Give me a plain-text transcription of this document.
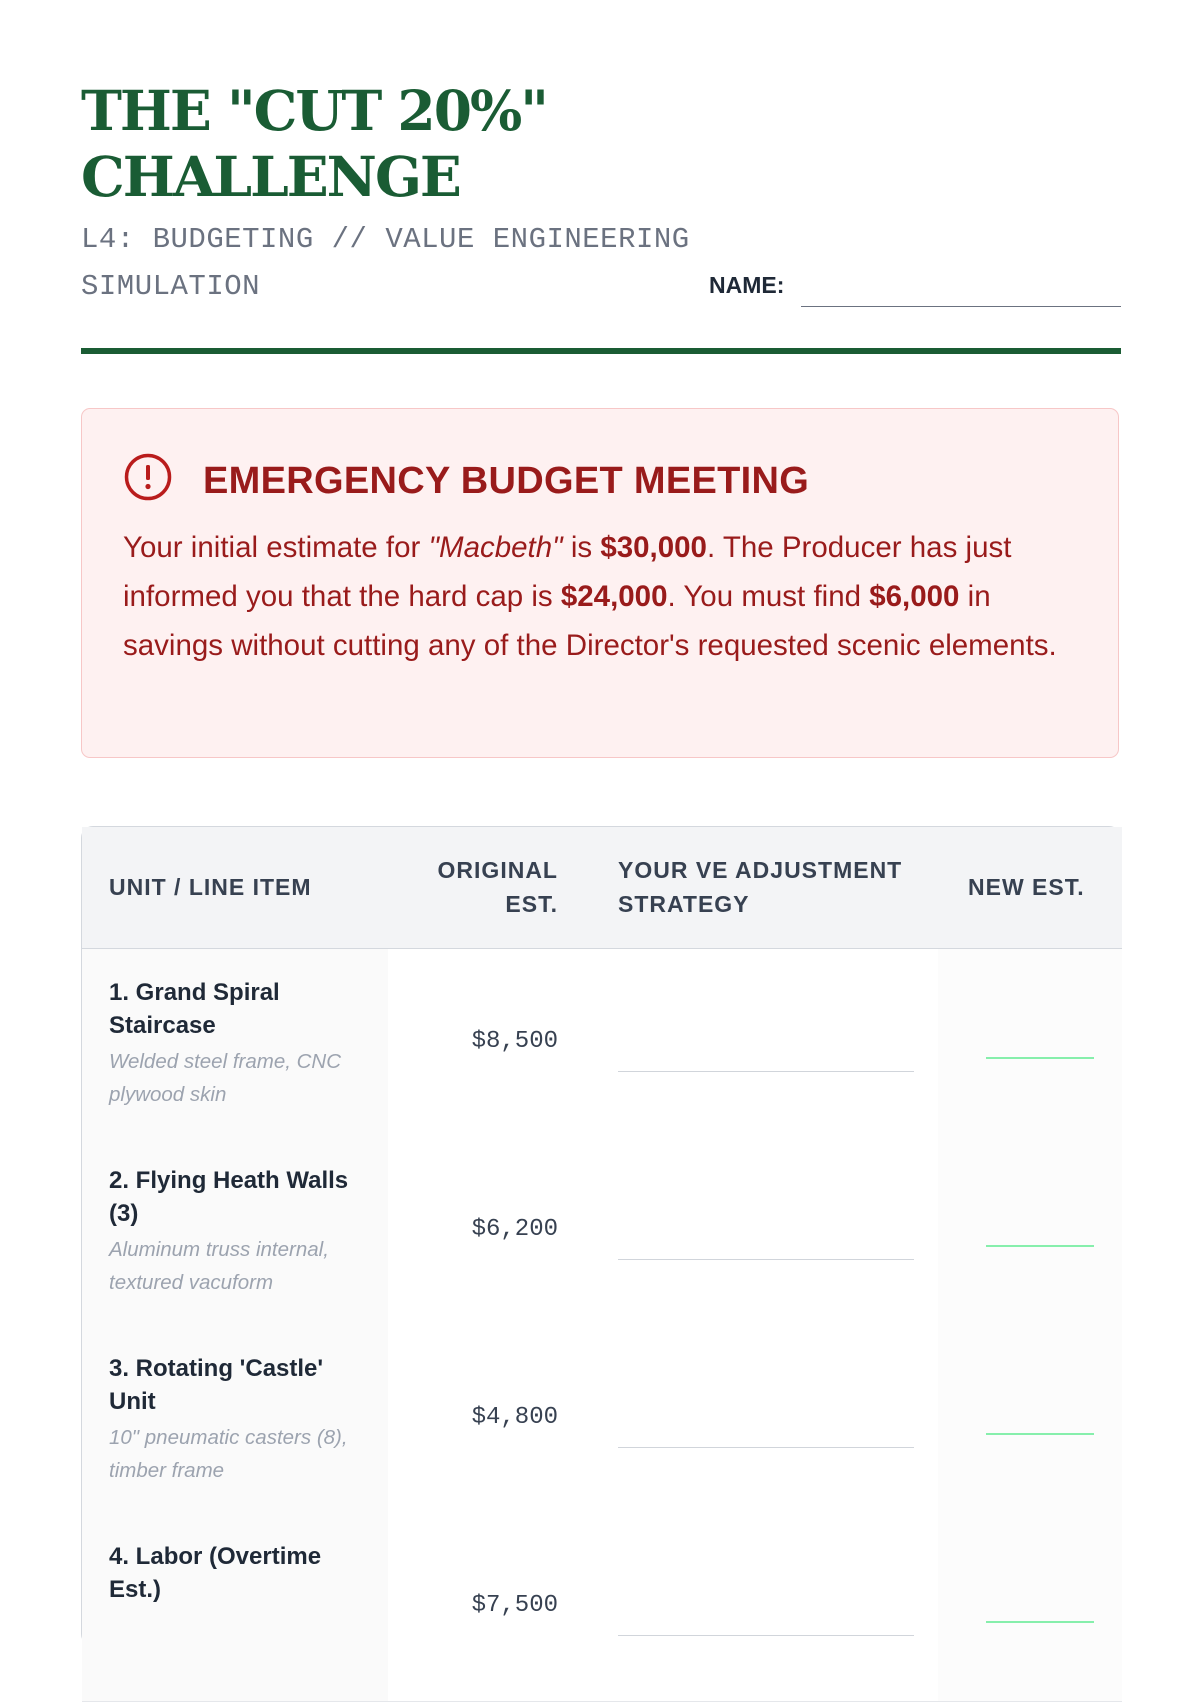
THE "CUT 20%"
CHALLENGE
L4: BUDGETING // VALUE ENGINEERING SIMULATION	NAME:
EMERGENCY BUDGET MEETING
Your initial estimate for "Macbeth" is $30,000. The Producer has just informed you that the hard cap is $24,000. You must find $6,000 in savings without cutting any of the Director's requested scenic elements.
UNIT / LINE ITEM
ORIGINAL EST.
YOUR VE ADJUSTMENT STRATEGY
NEW EST.
1. Grand Spiral Staircase
Welded steel frame, CNC plywood skin
$8,500
2. Flying Heath Walls (3)
Aluminum truss internal, textured vacuform
$6,200
3. Rotating 'Castle' Unit
10" pneumatic casters (8), timber frame
$4,800
4. Labor (Overtime Est.)
$7,500
